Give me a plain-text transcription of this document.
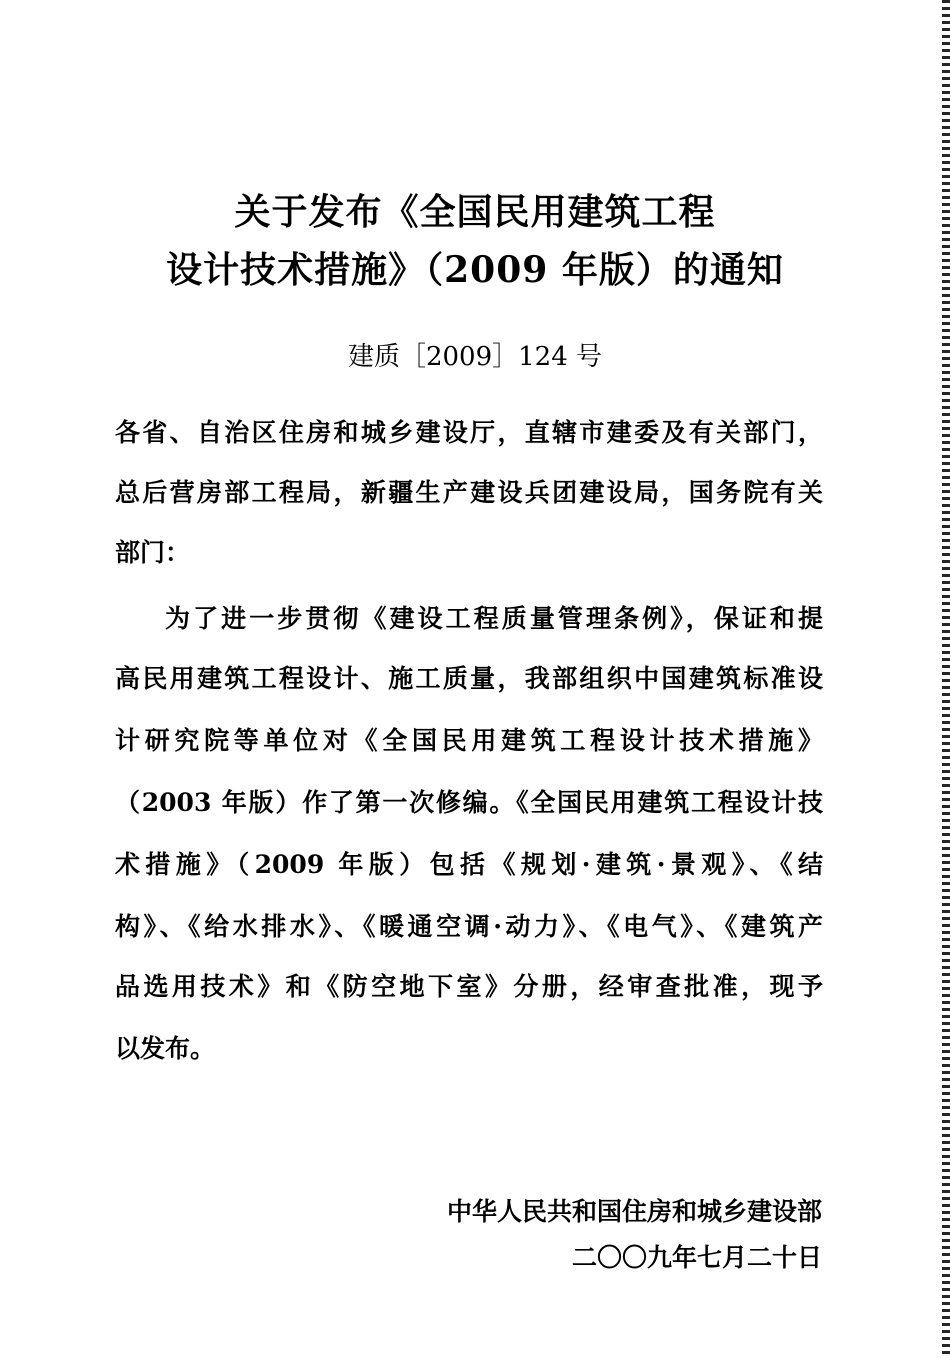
关于发布《全国民用建筑工程
设计技术措施》（2009 年版）的通知
建质［2009］124 号
各省、自治区住房和城乡建设厅，直辖市建委及有关部门，
总后营房部工程局，新疆生产建设兵团建设局，国务院有关
部门：
为了进一步贯彻《建设工程质量管理条例》，保证和提
高民用建筑工程设计、施工质量，我部组织中国建筑标准设
计研究院等单位对《全国民用建筑工程设计技术措施》
（2003 年版）作了第一次修编。《全国民用建筑工程设计技
术措施》（2009 年版）包括《规划·建筑·景观》、《结
构》、《给水排水》、《暖通空调·动力》、《电气》、《建筑产
品选用技术》和《防空地下室》分册，经审查批准，现予
以发布。
中华人民共和国住房和城乡建设部
二〇〇九年七月二十日
